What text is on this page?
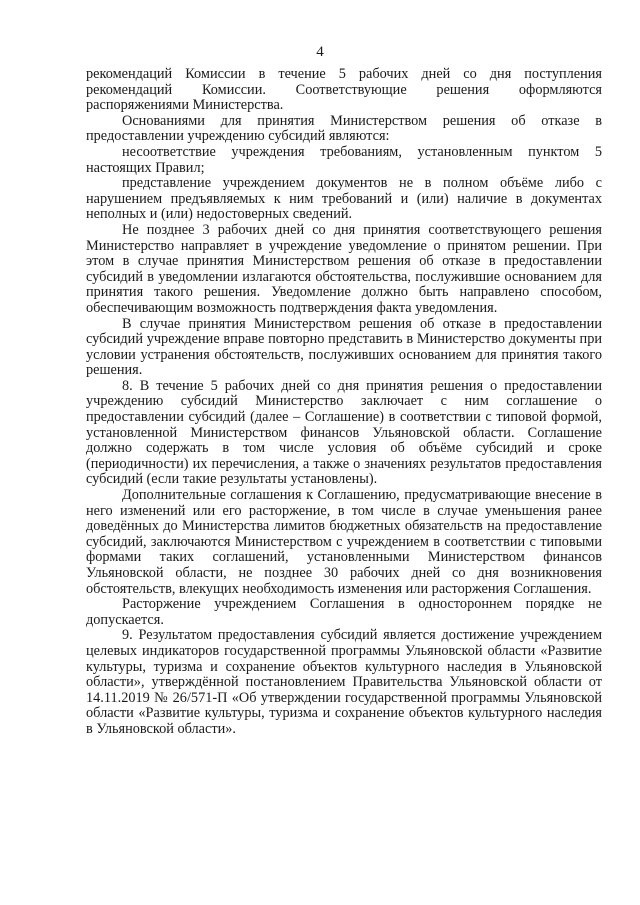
4

рекомендаций Комиссии в течение 5 рабочих дней со дня поступления рекомендаций Комиссии. Соответствующие решения оформляются распоряжениями Министерства.

Основаниями для принятия Министерством решения об отказе в предоставлении учреждению субсидий являются:

несоответствие учреждения требованиям, установленным пунктом 5 настоящих Правил;

представление учреждением документов не в полном объёме либо с нарушением предъявляемых к ним требований и (или) наличие в документах неполных и (или) недостоверных сведений.

Не позднее 3 рабочих дней со дня принятия соответствующего решения Министерство направляет в учреждение уведомление о принятом решении. При этом в случае принятия Министерством решения об отказе в предоставлении субсидий в уведомлении излагаются обстоятельства, послужившие основанием для принятия такого решения. Уведомление должно быть направлено способом, обеспечивающим возможность подтверждения факта уведомления.

В случае принятия Министерством решения об отказе в предоставлении субсидий учреждение вправе повторно представить в Министерство документы при условии устранения обстоятельств, послуживших основанием для принятия такого решения.

8. В течение 5 рабочих дней со дня принятия решения о предоставлении учреждению субсидий Министерство заключает с ним соглашение о предоставлении субсидий (далее – Соглашение) в соответствии с типовой формой, установленной Министерством финансов Ульяновской области. Соглашение должно содержать в том числе условия об объёме субсидий и сроке (периодичности) их перечисления, а также о значениях результатов предоставления субсидий (если такие результаты установлены).

Дополнительные соглашения к Соглашению, предусматривающие внесение в него изменений или его расторжение, в том числе в случае уменьшения ранее доведённых до Министерства лимитов бюджетных обязательств на предоставление субсидий, заключаются Министерством с учреждением в соответствии с типовыми формами таких соглашений, установленными Министерством финансов Ульяновской области, не позднее 30 рабочих дней со дня возникновения обстоятельств, влекущих необходимость изменения или расторжения Соглашения.

Расторжение учреждением Соглашения в одностороннем порядке не допускается.

9. Результатом предоставления субсидий является достижение учреждением целевых индикаторов государственной программы Ульяновской области «Развитие культуры, туризма и сохранение объектов культурного наследия в Ульяновской области», утверждённой постановлением Правительства Ульяновской области от 14.11.2019 № 26/571-П «Об утверждении государственной программы Ульяновской области «Развитие культуры, туризма и сохранение объектов культурного наследия в Ульяновской области».
